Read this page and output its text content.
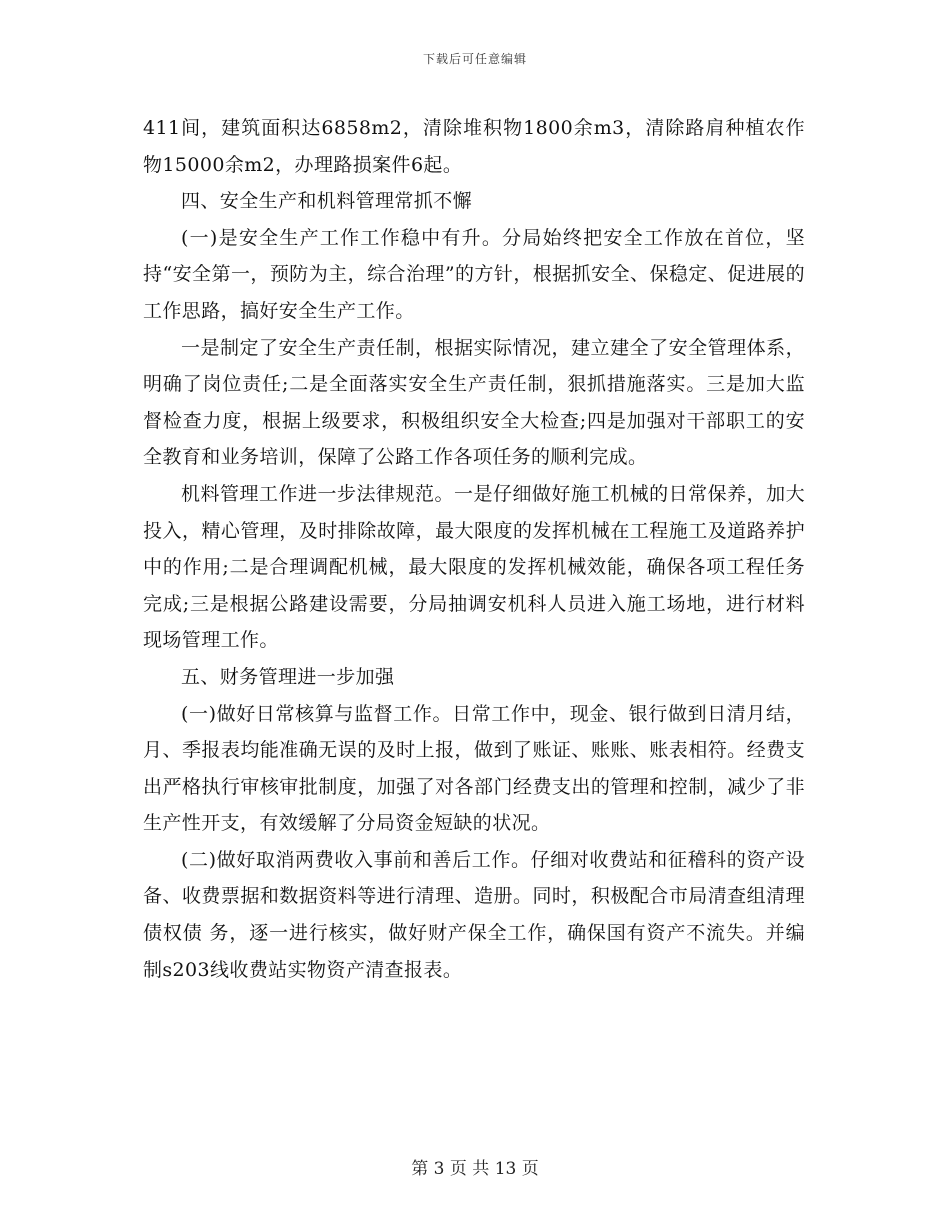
下载后可任意编辑

411间，建筑面积达6858m2，清除堆积物1800余m3，清除路肩种植农作物15000余m2，办理路损案件6起。

四、安全生产和机料管理常抓不懈

(一)是安全生产工作工作稳中有升。分局始终把安全工作放在首位，坚持“安全第一，预防为主，综合治理”的方针，根据抓安全、保稳定、促进展的工作思路，搞好安全生产工作。

一是制定了安全生产责任制，根据实际情况，建立建全了安全管理体系，明确了岗位责任;二是全面落实安全生产责任制，狠抓措施落实。三是加大监督检查力度，根据上级要求，积极组织安全大检查;四是加强对干部职工的安全教育和业务培训，保障了公路工作各项任务的顺利完成。

机料管理工作进一步法律规范。一是仔细做好施工机械的日常保养，加大投入，精心管理，及时排除故障，最大限度的发挥机械在工程施工及道路养护中的作用;二是合理调配机械，最大限度的发挥机械效能，确保各项工程任务完成;三是根据公路建设需要，分局抽调安机科人员进入施工场地，进行材料现场管理工作。

五、财务管理进一步加强

(一)做好日常核算与监督工作。日常工作中，现金、银行做到日清月结，月、季报表均能准确无误的及时上报，做到了账证、账账、账表相符。经费支出严格执行审核审批制度，加强了对各部门经费支出的管理和控制，减少了非生产性开支，有效缓解了分局资金短缺的状况。

(二)做好取消两费收入事前和善后工作。仔细对收费站和征稽科的资产设备、收费票据和数据资料等进行清理、造册。同时，积极配合市局清查组清理债权债 务，逐一进行核实，做好财产保全工作，确保国有资产不流失。并编制s203线收费站实物资产清查报表。

第 3 页 共 13 页
